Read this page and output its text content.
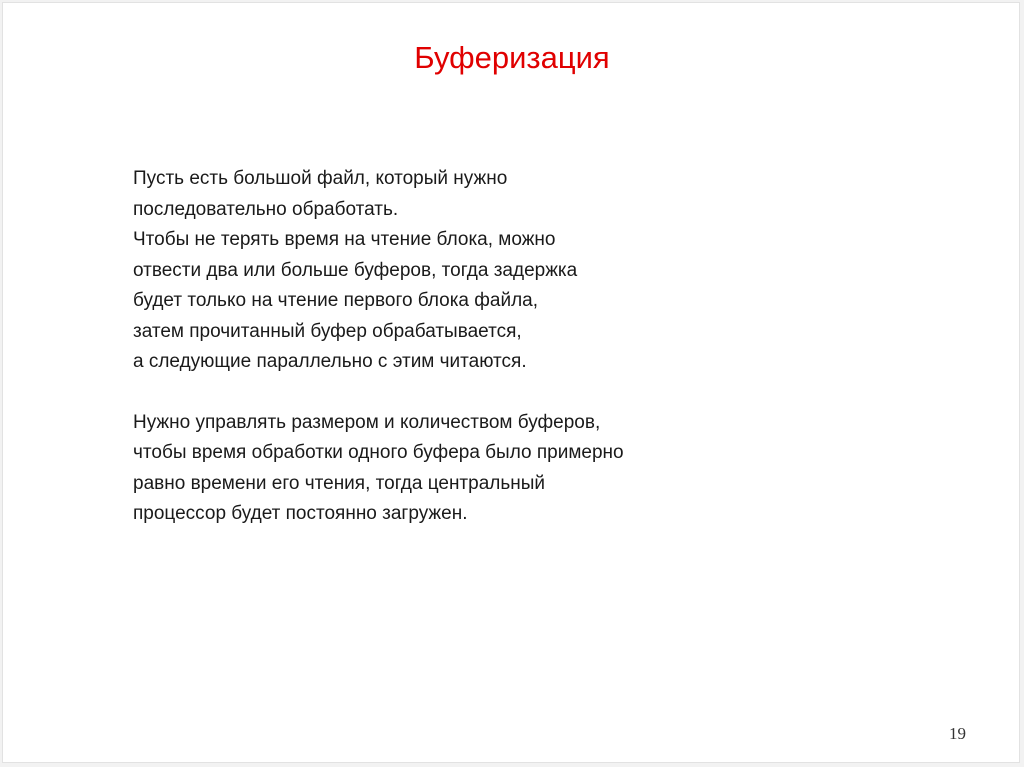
Буферизация

Пусть есть большой файл, который нужно
последовательно обработать.
Чтобы не терять время на чтение блока, можно
отвести два или больше буферов, тогда задержка
будет только на чтение первого блока файла,
затем прочитанный буфер обрабатывается,
а следующие параллельно с этим читаются.

Нужно управлять размером и количеством буферов,
чтобы время обработки одного буфера было примерно
равно времени его чтения, тогда центральный
процессор будет постоянно загружен.

19
